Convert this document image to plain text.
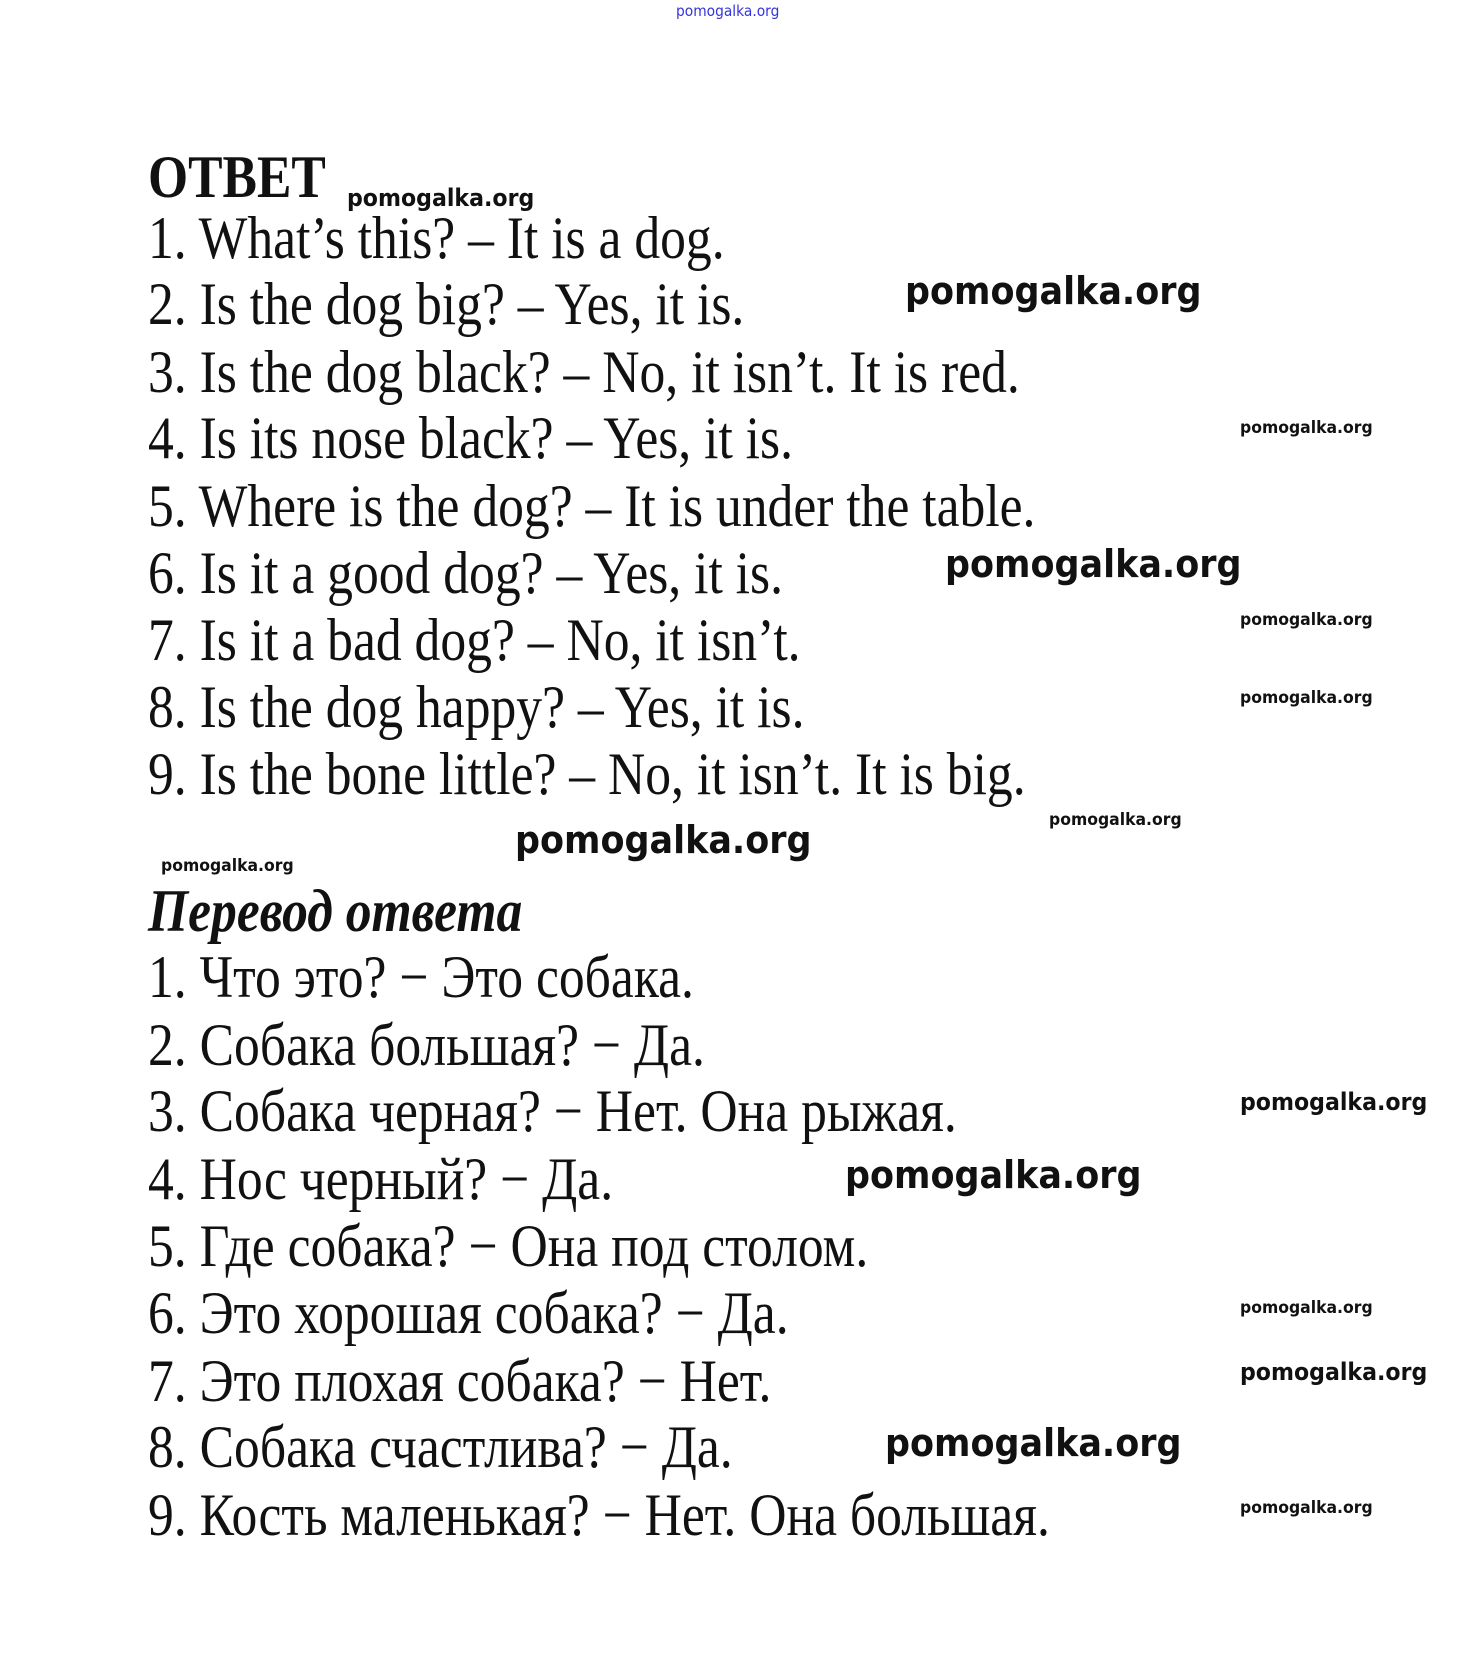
pomogalka.org
ОТВЕТ
1. What’s this? – It is a dog.
2. Is the dog big? – Yes, it is.
3. Is the dog black? – No, it isn’t. It is red.
4. Is its nose black? – Yes, it is.
5. Where is the dog? – It is under the table.
6. Is it a good dog? – Yes, it is.
7. Is it a bad dog? – No, it isn’t.
8. Is the dog happy? – Yes, it is.
9. Is the bone little? – No, it isn’t. It is big.
Перевод ответа
1. Что это? − Это собака.
2. Собака большая? − Да.
3. Собака черная? − Нет. Она рыжая.
4. Нос черный? − Да.
5. Где собака? − Она под столом.
6. Это хорошая собака? − Да.
7. Это плохая собака? − Нет.
8. Собака счастлива? − Да.
9. Кость маленькая? − Нет. Она большая.
pomogalka.org
pomogalka.org
pomogalka.org
pomogalka.org
pomogalka.org
pomogalka.org
pomogalka.org	pomogalka.org
pomogalka.org
pomogalka.org
pomogalka.org
pomogalka.org
pomogalka.org
pomogalka.org
pomogalka.org
